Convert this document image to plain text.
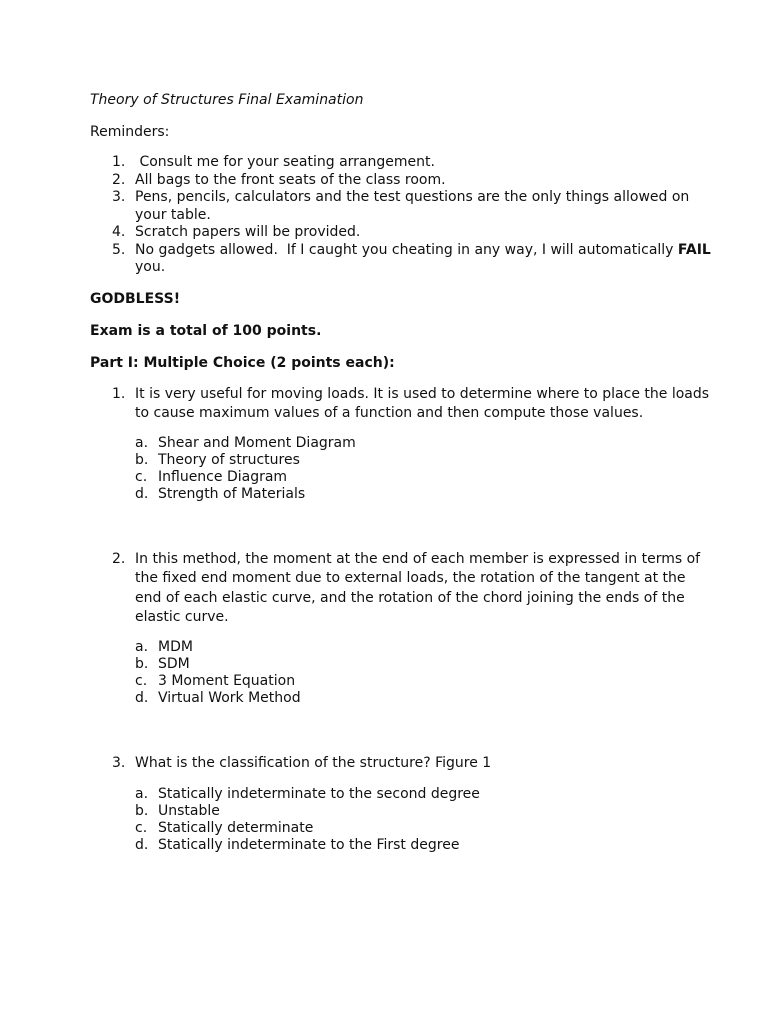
Theory of Structures Final Examination
Reminders:
1. Consult me for your seating arrangement.
2. All bags to the front seats of the class room.
3. Pens, pencils, calculators and the test questions are the only things allowed on your table.
4. Scratch papers will be provided.
5. No gadgets allowed.  If I caught you cheating in any way, I will automatically FAIL you.
GODBLESS!
Exam is a total of 100 points.
Part I: Multiple Choice (2 points each):
1. It is very useful for moving loads. It is used to determine where to place the loads to cause maximum values of a function and then compute those values.
a. Shear and Moment Diagram
b. Theory of structures
c. Influence Diagram
d. Strength of Materials
2. In this method, the moment at the end of each member is expressed in terms of the fixed end moment due to external loads, the rotation of the tangent at the end of each elastic curve, and the rotation of the chord joining the ends of the elastic curve.
a. MDM
b. SDM
c. 3 Moment Equation
d. Virtual Work Method
3. What is the classification of the structure? Figure 1
a. Statically indeterminate to the second degree
b. Unstable
c. Statically determinate
d. Statically indeterminate to the First degree
